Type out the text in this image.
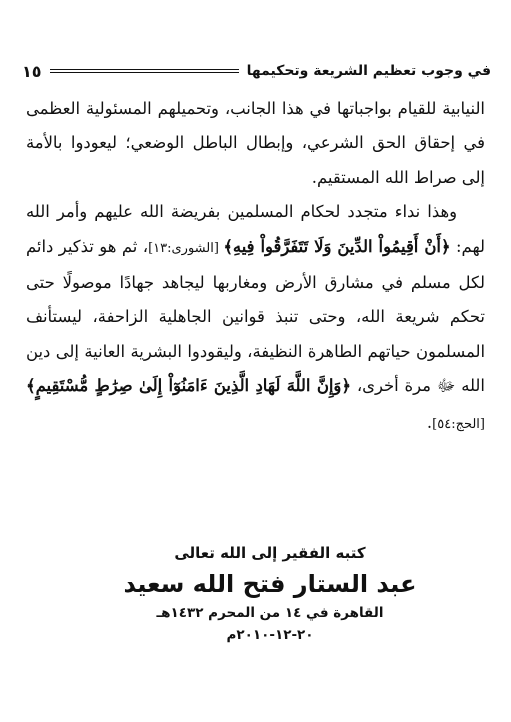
في وجوب تعظيم الشريعة وتحكيمها
١٥

النيابية للقيام بواجباتها في هذا الجانب، وتحميلهم المسئولية العظمى في إحقاق الحق الشرعي، وإبطال الباطل الوضعي؛ ليعودوا بالأمة إلى صراط الله المستقيم.

وهذا نداء متجدد لحكام المسلمين بفريضة الله عليهم وأمر الله لهم: ﴿أَنْ أَقِيمُواْ الدِّينَ وَلَا تَتَفَرَّقُواْ فِيهِ﴾ [الشورى:١٣]، ثم هو تذكير دائم لكل مسلم في مشارق الأرض ومغاربها ليجاهد جهادًا موصولًا حتى تحكم شريعة الله، وحتى تنبذ قوانين الجاهلية الزاحفة، ليستأنف المسلمون حياتهم الطاهرة النظيفة، وليقودوا البشرية العانية إلى دين الله ﷻ مرة أخرى، ﴿وَإِنَّ اللَّهَ لَهَادِ الَّذِينَ ءَامَنُوٓاْ إِلَىٰ صِرَٰطٍ مُّسْتَقِيمٍ﴾ [الحج:٥٤].

كتبه الفقير إلى الله تعالى
عبد الستار فتح الله سعيد
القاهرة في ١٤ من المحرم ١٤٣٢هـ
٢٠-١٢-٢٠١٠م
